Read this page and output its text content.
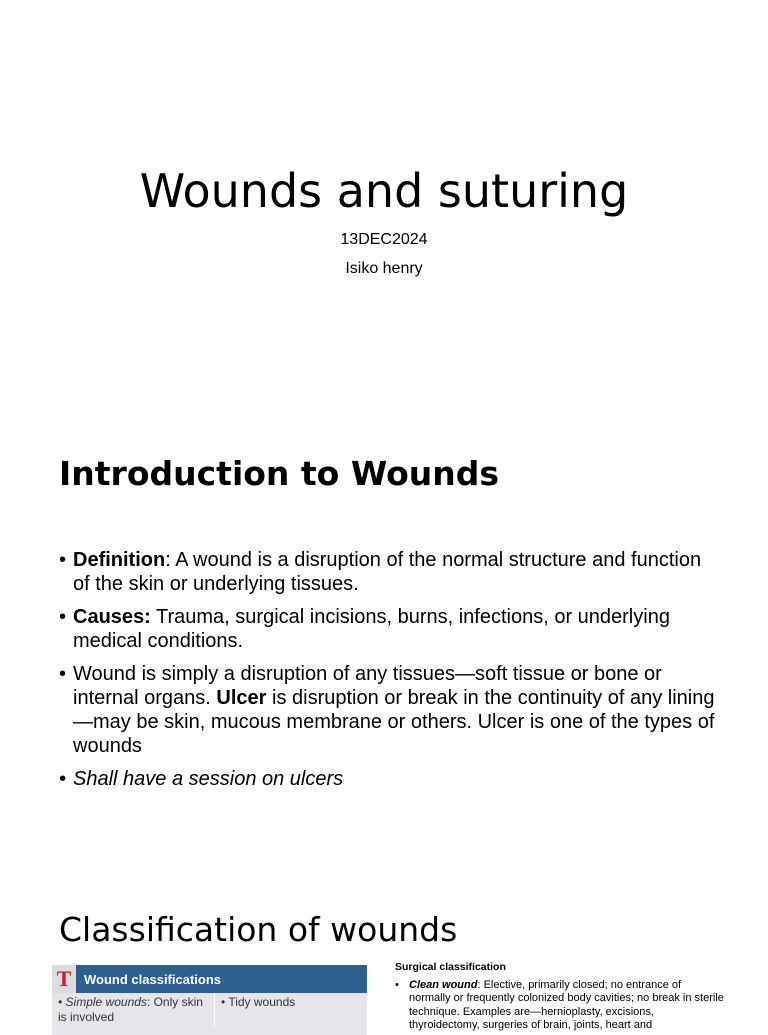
Wounds and suturing
13DEC2024
Isiko henry
Introduction to Wounds
• Definition: A wound is a disruption of the normal structure and function of the skin or underlying tissues.
• Causes: Trauma, surgical incisions, burns, infections, or underlying medical conditions.
• Wound is simply a disruption of any tissues—soft tissue or bone or internal organs. Ulcer is disruption or break in the continuity of any lining—may be skin, mucous membrane or others. Ulcer is one of the types of wounds
• Shall have a session on ulcers
Classification of wounds
T Wound classifications
• Simple wounds: Only skin is involved
• Tidy wounds
Surgical classification
• Clean wound: Elective, primarily closed; no entrance of normally or frequently colonized body cavities; no break in sterile technique. Examples are—hernioplasty, excisions, thyroidectomy, surgeries of brain, joints, heart and
